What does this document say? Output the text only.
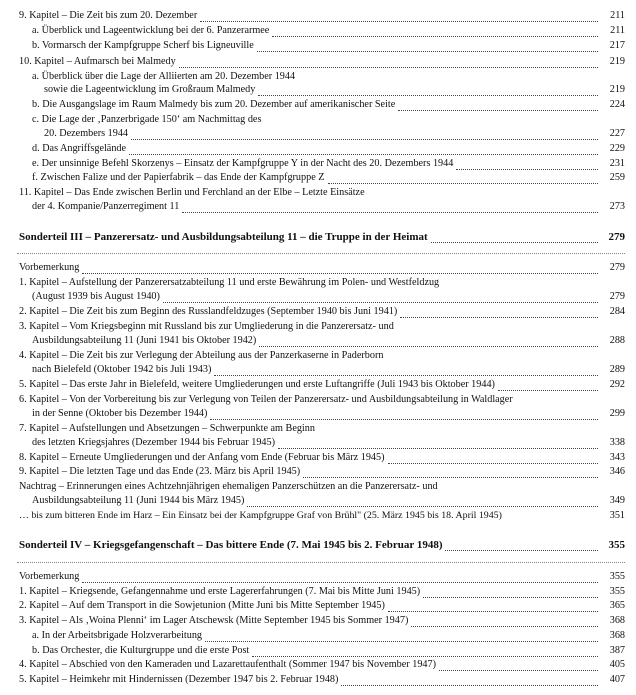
9. Kapitel – Die Zeit bis zum 20. Dezember	211
a. Überblick und Lageentwicklung bei der 6. Panzerarmee	211
b. Vormarsch der Kampfgruppe Scherf bis Ligneuville	217
10. Kapitel – Aufmarsch bei Malmedy	219
a. Überblick über die Lage der Alliierten am 20. Dezember 1944
sowie die Lageentwicklung im Großraum Malmedy	219
b. Die Ausgangslage im Raum Malmedy bis zum 20. Dezember auf amerikanischer Seite	224
c. Die Lage der ‚Panzerbrigade 150‘ am Nachmittag des
20. Dezembers 1944	227
d. Das Angriffsgelände	229
e. Der unsinnige Befehl Skorzenys – Einsatz der Kampfgruppe Y in der Nacht des 20. Dezembers 1944	231
f. Zwischen Falize und der Papierfabrik – das Ende der Kampfgruppe Z	259
11. Kapitel – Das Ende zwischen Berlin und Ferchland an der Elbe – Letzte Einsätze
der 4. Kompanie/Panzerregiment 11	273
Sonderteil III – Panzerersatz- und Ausbildungsabteilung 11 – die Truppe in der Heimat	279
Vorbemerkung	279
1. Kapitel – Aufstellung der Panzerersatzabteilung 11 und erste Bewährung im Polen- und Westfeldzug
(August 1939 bis August 1940)	279
2. Kapitel – Die Zeit bis zum Beginn des Russlandfeldzuges (September 1940 bis Juni 1941)	284
3. Kapitel – Vom Kriegsbeginn mit Russland bis zur Umgliederung in die Panzerersatz- und
Ausbildungsabteilung 11 (Juni 1941 bis Oktober 1942)	288
4. Kapitel – Die Zeit bis zur Verlegung der Abteilung aus der Panzerkaserne in Paderborn
nach Bielefeld (Oktober 1942 bis Juli 1943)	289
5. Kapitel – Das erste Jahr in Bielefeld, weitere Umgliederungen und erste Luftangriffe (Juli 1943 bis Oktober 1944)	292
6. Kapitel – Von der Vorbereitung bis zur Verlegung von Teilen der Panzerersatz- und Ausbildungsabteilung in Waldlager
in der Senne (Oktober bis Dezember 1944)	299
7. Kapitel – Aufstellungen und Absetzungen – Schwerpunkte am Beginn
des letzten Kriegsjahres (Dezember 1944 bis Februar 1945)	338
8. Kapitel – Erneute Umgliederungen und der Anfang vom Ende (Februar bis März 1945)	343
9. Kapitel – Die letzten Tage und das Ende (23. März bis April 1945)	346
Nachtrag – Erinnerungen eines Achtzehnjährigen ehemaligen Panzerschützen an die Panzerersatz- und
Ausbildungsabteilung 11 (Juni 1944 bis März 1945)	349
… bis zum bitteren Ende im Harz – Ein Einsatz bei der Kampfgruppe Graf von Brühl" (25. März 1945 bis 18. April 1945)	351
Sonderteil IV – Kriegsgefangenschaft – Das bittere Ende (7. Mai 1945 bis 2. Februar 1948)	355
Vorbemerkung	355
1. Kapitel – Kriegsende, Gefangennahme und erste Lagererfahrungen (7. Mai bis Mitte Juni 1945)	355
2. Kapitel – Auf dem Transport in die Sowjetunion (Mitte Juni bis Mitte September 1945)	365
3. Kapitel – Als ‚Woina Plenni‘ im Lager Atschewsk (Mitte September 1945 bis Sommer 1947)	368
a. In der Arbeitsbrigade Holzverarbeitung	368
b. Das Orchester, die Kulturgruppe und die erste Post	387
4. Kapitel – Abschied von den Kameraden und Lazarettaufenthalt (Sommer 1947 bis November 1947)	405
5. Kapitel – Heimkehr mit Hindernissen (Dezember 1947 bis 2. Februar 1948)	407
